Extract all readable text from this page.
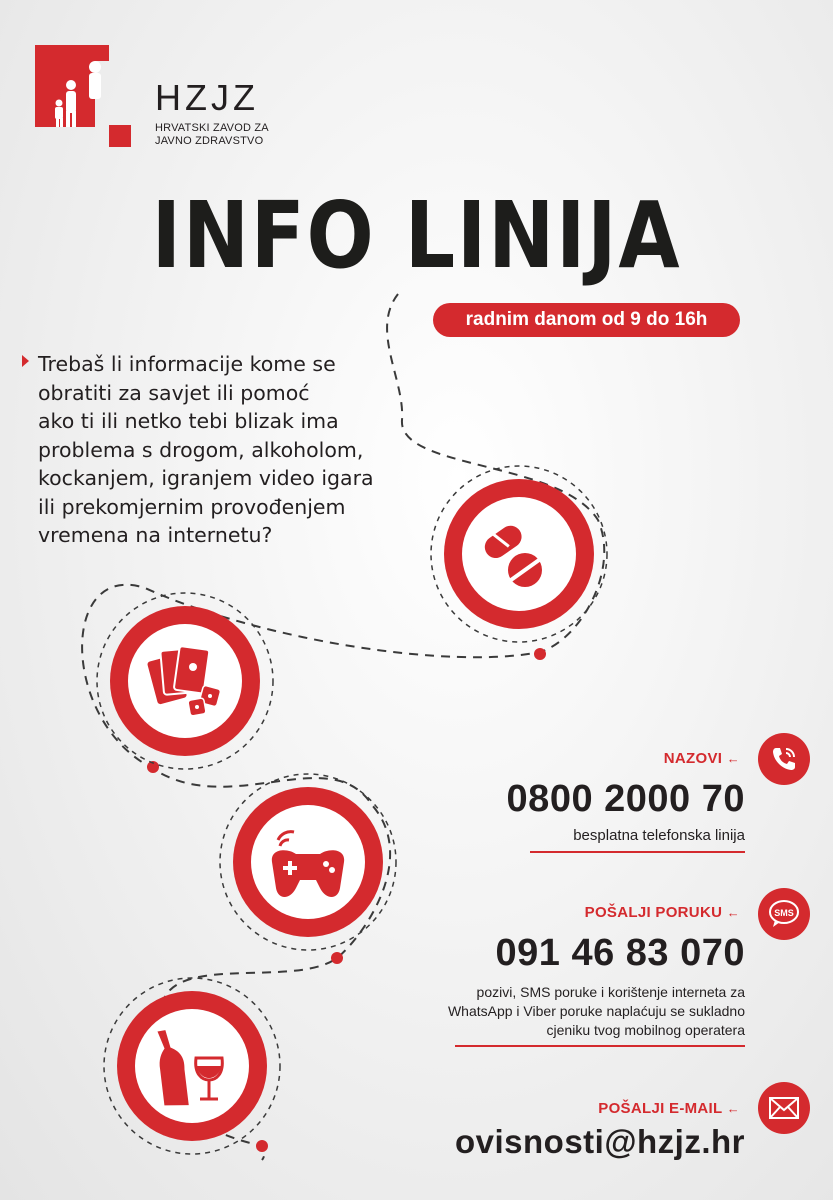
HZJZ
HRVATSKI ZAVOD ZA
JAVNO ZDRAVSTVO
INFO LINIJA
radnim danom od 9 do 16h
Trebaš li informacije kome se
obratiti za savjet ili pomoć
ako ti ili netko tebi blizak ima
problema s drogom, alkoholom,
kockanjem, igranjem video igara
ili prekomjernim provođenjem
vremena na internetu?
NAZOVI ←
0800 2000 70
besplatna telefonska linija
POŠALJI PORUKU ←	SMS
091 46 83 070
pozivi, SMS poruke i korištenje interneta za
WhatsApp i Viber poruke naplaćuju se sukladno
cjeniku tvog mobilnog operatera
POŠALJI E-MAIL ←
ovisnosti@hzjz.hr
